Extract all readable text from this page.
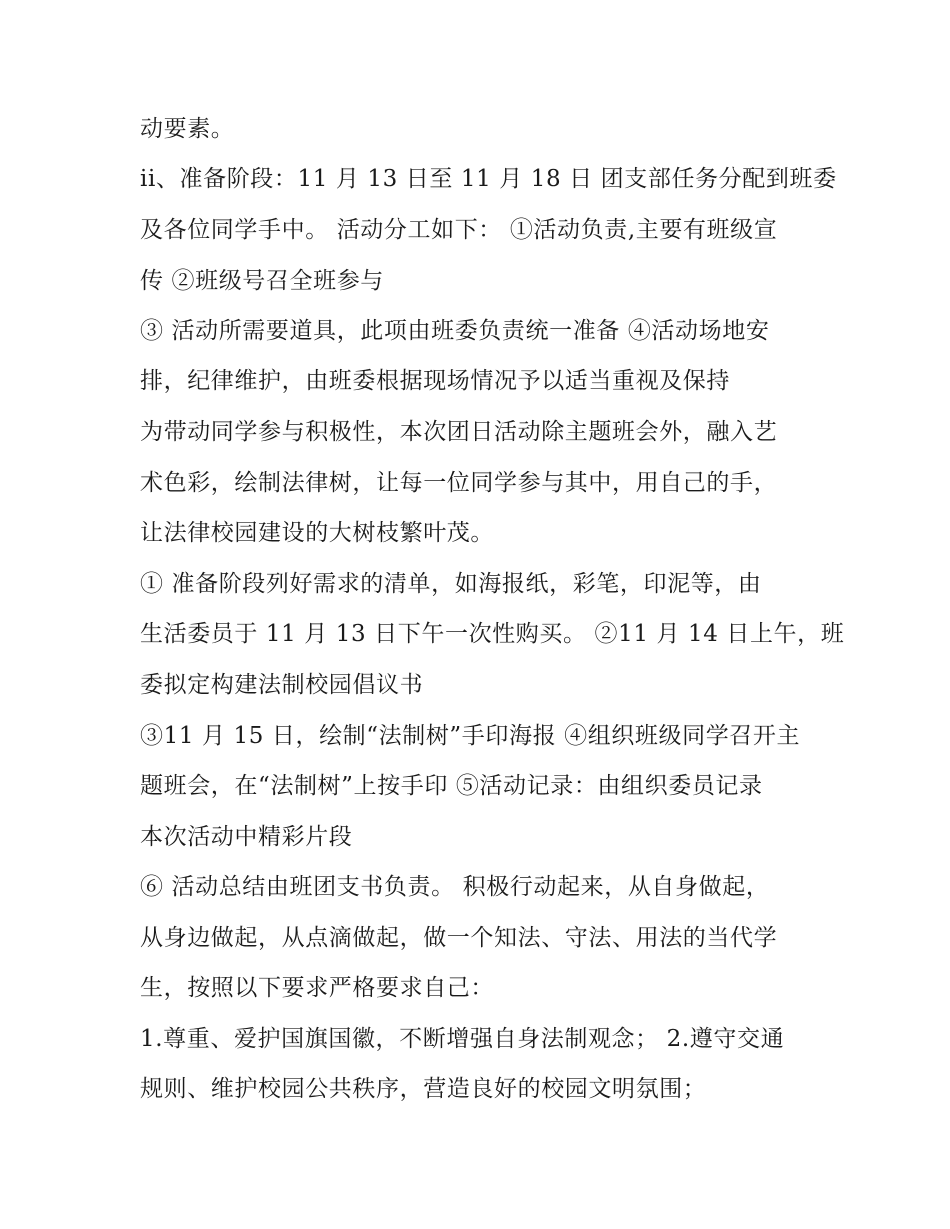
动要素。
ii、准备阶段：11 月 13 日至 11 月 18 日 团支部任务分配到班委
及各位同学手中。 活动分工如下： ①活动负责,主要有班级宣
传 ②班级号召全班参与
③ 活动所需要道具，此项由班委负责统一准备 ④活动场地安
排，纪律维护，由班委根据现场情况予以适当重视及保持
为带动同学参与积极性，本次团日活动除主题班会外，融入艺
术色彩，绘制法律树，让每一位同学参与其中，用自己的手，
让法律校园建设的大树枝繁叶茂。
① 准备阶段列好需求的清单，如海报纸，彩笔，印泥等，由
生活委员于 11 月 13 日下午一次性购买。 ②11 月 14 日上午，班
委拟定构建法制校园倡议书
③11 月 15 日，绘制“法制树”手印海报 ④组织班级同学召开主
题班会，在“法制树”上按手印 ⑤活动记录：由组织委员记录
本次活动中精彩片段
⑥ 活动总结由班团支书负责。 积极行动起来，从自身做起，
从身边做起，从点滴做起，做一个知法、守法、用法的当代学
生，按照以下要求严格要求自己：
1.尊重、爱护国旗国徽，不断增强自身法制观念； 2.遵守交通
规则、维护校园公共秩序，营造良好的校园文明氛围；
